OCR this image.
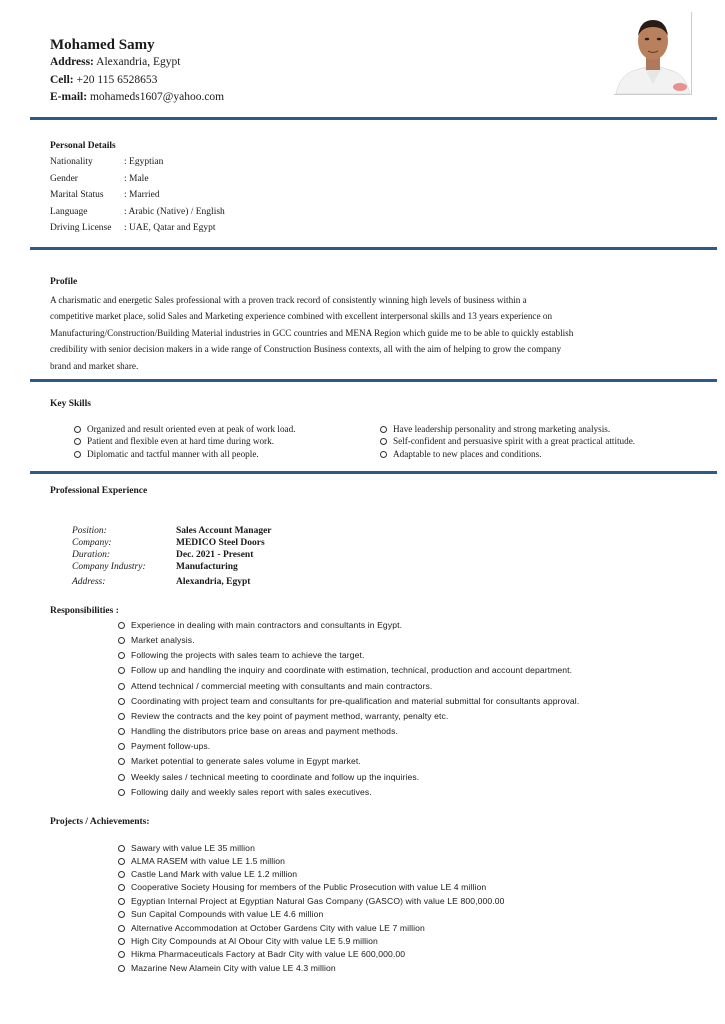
Mohamed Samy
Address: Alexandria, Egypt
Cell: +20 115 6528653
E-mail: mohameds1607@yahoo.com
Personal Details
Nationality	: Egyptian
Gender	: Male
Marital Status : Married
Language	: Arabic (Native) / English
Driving License : UAE, Qatar and Egypt
Profile
A charismatic and energetic Sales professional with a proven track record of consistently winning high levels of business within a
competitive market place, solid Sales and Marketing experience combined with excellent interpersonal skills and 13 years experience on
Manufacturing/Construction/Building Material industries in GCC countries and MENA Region which guide me to be able to quickly establish
credibility with senior decision makers in a wide range of Construction Business contexts, all with the aim of helping to grow the company
brand and market share.
Key Skills
Organized and result oriented even at peak of work load.
Patient and flexible even at hard time during work.
Diplomatic and tactful manner with all people.
Have leadership personality and strong marketing analysis.
Self-confident and persuasive spirit with a great practical attitude.
Adaptable to new places and conditions.
Professional Experience
Position:	Sales Account Manager
Company:	MEDICO Steel Doors
Duration:	Dec. 2021 - Present
Company Industry:	Manufacturing
Address:	Alexandria, Egypt
Responsibilities :
Experience in dealing with main contractors and consultants in Egypt.
Market analysis.
Following the projects with sales team to achieve the target.
Follow up and handling the inquiry and coordinate with estimation, technical, production and account department.
Attend technical / commercial meeting with consultants and main contractors.
Coordinating with project team and consultants for pre-qualification and material submittal for consultants approval.
Review the contracts and the key point of payment method, warranty, penalty etc.
Handling the distributors price base on areas and payment methods.
Payment follow-ups.
Market potential to generate sales volume in Egypt market.
Weekly sales / technical meeting to coordinate and follow up the inquiries.
Following daily and weekly sales report with sales executives.
Projects / Achievements:
Sawary with value LE 35 million
ALMA RASEM with value LE 1.5 million
Castle Land Mark with value LE 1.2 million
Cooperative Society Housing for members of the Public Prosecution with value LE 4 million
Egyptian Internal Project at Egyptian Natural Gas Company (GASCO) with value LE 800,000.00
Sun Capital Compounds with value LE 4.6 million
Alternative Accommodation at October Gardens City with value LE 7 million
High City Compounds at Al Obour City with value LE 5.9 million
Hikma Pharmaceuticals Factory at Badr City with value LE 600,000.00
Mazarine New Alamein City with value LE 4.3 million
